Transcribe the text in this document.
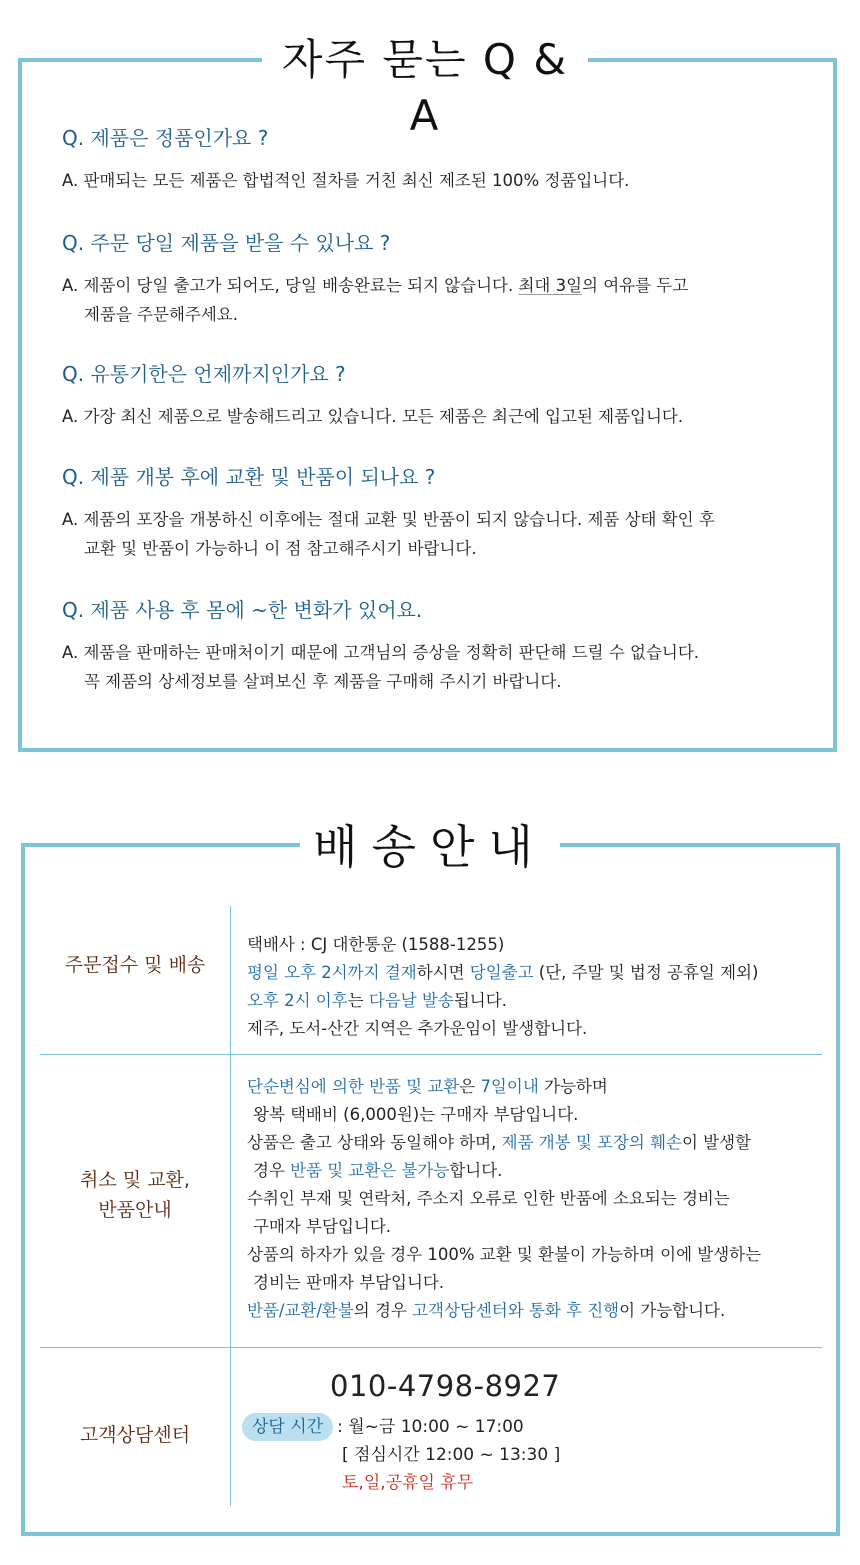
자주 묻는 Q & A
Q. 제품은 정품인가요 ?
A. 판매되는 모든 제품은 합법적인 절차를 거친 최신 제조된 100% 정품입니다.
Q. 주문 당일 제품을 받을 수 있나요 ?
A. 제품이 당일 출고가 되어도, 당일 배송완료는 되지 않습니다. 최대 3일의 여유를 두고
제품을 주문해주세요.
Q. 유통기한은 언제까지인가요 ?
A. 가장 최신 제품으로 발송해드리고 있습니다. 모든 제품은 최근에 입고된 제품입니다.
Q. 제품 개봉 후에 교환 및 반품이 되나요 ?
A. 제품의 포장을 개봉하신 이후에는 절대 교환 및 반품이 되지 않습니다. 제품 상태 확인 후
교환 및 반품이 가능하니 이 점 참고해주시기 바랍니다.
Q. 제품 사용 후 몸에 ~한 변화가 있어요.
A. 제품을 판매하는 판매처이기 때문에 고객님의 증상을 정확히 판단해 드릴 수 없습니다.
꼭 제품의 상세정보를 살펴보신 후 제품을 구매해 주시기 바랍니다.
배송안내
주문접수 및 배송
택배사 : CJ 대한통운 (1588-1255)
평일 오후 2시까지 결재하시면 당일출고 (단, 주말 및 법정 공휴일 제외)
오후 2시 이후는 다음날 발송됩니다.
제주, 도서-산간 지역은 추가운임이 발생합니다.
취소 및 교환,
반품안내
단순변심에 의한 반품 및 교환은 7일이내 가능하며
왕복 택배비 (6,000원)는 구매자 부담입니다.
상품은 출고 상태와 동일해야 하며, 제품 개봉 및 포장의 훼손이 발생할
경우 반품 및 교환은 불가능합니다.
수취인 부재 및 연락처, 주소지 오류로 인한 반품에 소요되는 경비는
구매자 부담입니다.
상품의 하자가 있을 경우 100% 교환 및 환불이 가능하며 이에 발생하는
경비는 판매자 부담입니다.
반품/교환/환불의 경우 고객상담센터와 통화 후 진행이 가능합니다.
고객상담센터
010-4798-8927
상담 시간 : 월~금 10:00 ~ 17:00
[ 점심시간 12:00 ~ 13:30 ]
토,일,공휴일 휴무
